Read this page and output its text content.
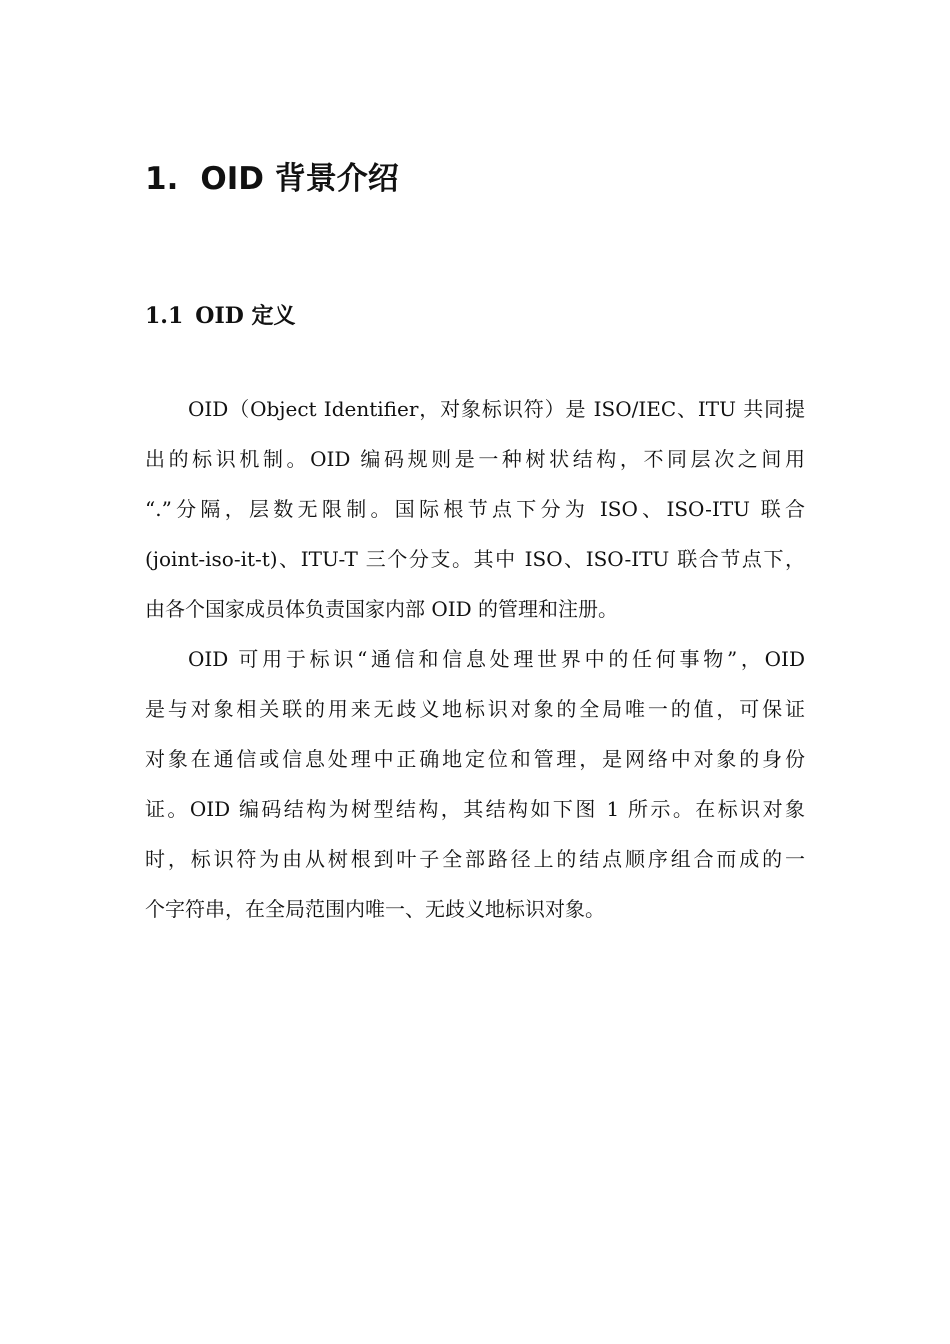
1. OID 背景介绍
1.1 OID 定义
OID（Object Identifier，对象标识符）是 ISO/IEC、ITU 共同提
出的标识机制。OID 编码规则是一种树状结构，不同层次之间用
“.”分隔，层数无限制。国际根节点下分为 ISO、ISO-ITU 联合
(joint-iso-it-t)、ITU-T 三个分支。其中 ISO、ISO-ITU 联合节点下，
由各个国家成员体负责国家内部 OID 的管理和注册。
OID 可用于标识“通信和信息处理世界中的任何事物”，OID
是与对象相关联的用来无歧义地标识对象的全局唯一的值，可保证
对象在通信或信息处理中正确地定位和管理，是网络中对象的身份
证。OID 编码结构为树型结构，其结构如下图 1 所示。在标识对象
时，标识符为由从树根到叶子全部路径上的结点顺序组合而成的一
个字符串，在全局范围内唯一、无歧义地标识对象。
